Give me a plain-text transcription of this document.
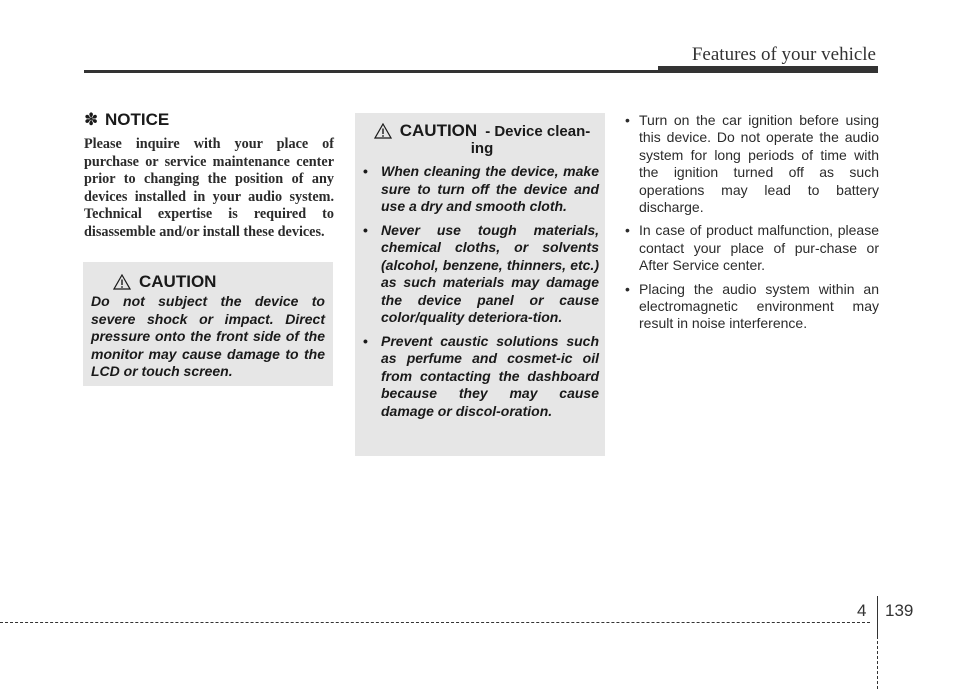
Features of your vehicle
✽ NOTICE
Please inquire with your place of purchase or service maintenance center prior to changing the position of any devices installed in your audio system. Technical expertise is required to disassemble and/or install these devices.
CAUTION
Do not subject the device to severe shock or impact. Direct pressure onto the front side of the monitor may cause damage to the LCD or touch screen.
CAUTION - Device clean-
ing
• When cleaning the device, make sure to turn off the device and use a dry and smooth cloth.
• Never use tough materials, chemical cloths, or solvents (alcohol, benzene, thinners, etc.) as such materials may damage the device panel or cause color/quality deteriora-tion.
• Prevent caustic solutions such as perfume and cosmet-ic oil from contacting the dashboard because they may cause damage or discol-oration.
• Turn on the car ignition before using this device. Do not operate the audio system for long periods of time with the ignition turned off as such operations may lead to battery discharge.
• In case of product malfunction, please contact your place of pur-chase or After Service center.
• Placing the audio system within an electromagnetic environment may result in noise interference.
4 139
